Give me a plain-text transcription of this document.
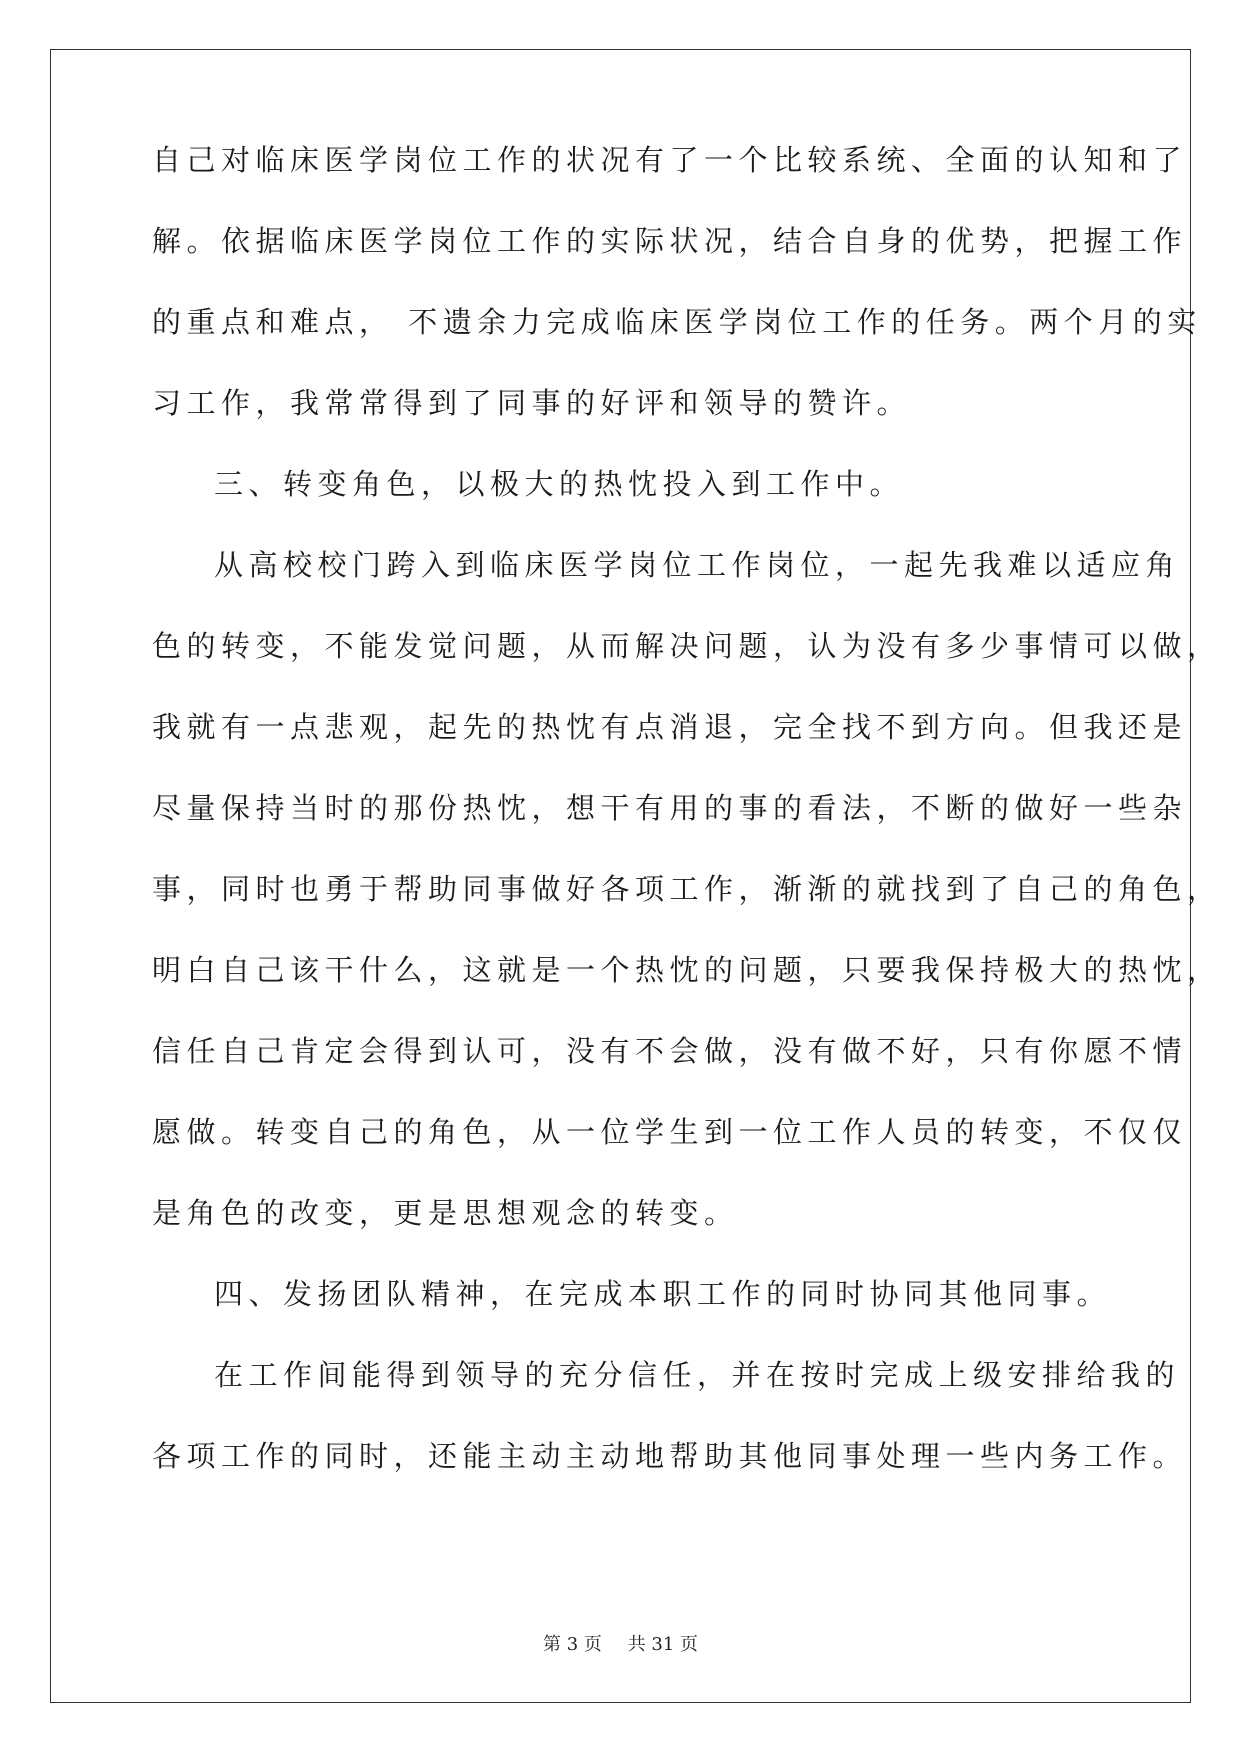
自己对临床医学岗位工作的状况有了一个比较系统、全面的认知和了
解。依据临床医学岗位工作的实际状况，结合自身的优势，把握工作
的重点和难点， 不遗余力完成临床医学岗位工作的任务。两个月的实
习工作，我常常得到了同事的好评和领导的赞许。
三、转变角色，以极大的热忱投入到工作中。
从高校校门跨入到临床医学岗位工作岗位，一起先我难以适应角
色的转变，不能发觉问题，从而解决问题，认为没有多少事情可以做，
我就有一点悲观，起先的热忱有点消退，完全找不到方向。但我还是
尽量保持当时的那份热忱，想干有用的事的看法，不断的做好一些杂
事，同时也勇于帮助同事做好各项工作，渐渐的就找到了自己的角色，
明白自己该干什么，这就是一个热忱的问题，只要我保持极大的热忱，
信任自己肯定会得到认可，没有不会做，没有做不好，只有你愿不情
愿做。转变自己的角色，从一位学生到一位工作人员的转变，不仅仅
是角色的改变，更是思想观念的转变。
四、发扬团队精神，在完成本职工作的同时协同其他同事。
在工作间能得到领导的充分信任，并在按时完成上级安排给我的
各项工作的同时，还能主动主动地帮助其他同事处理一些内务工作。
第 3 页 共 31 页
